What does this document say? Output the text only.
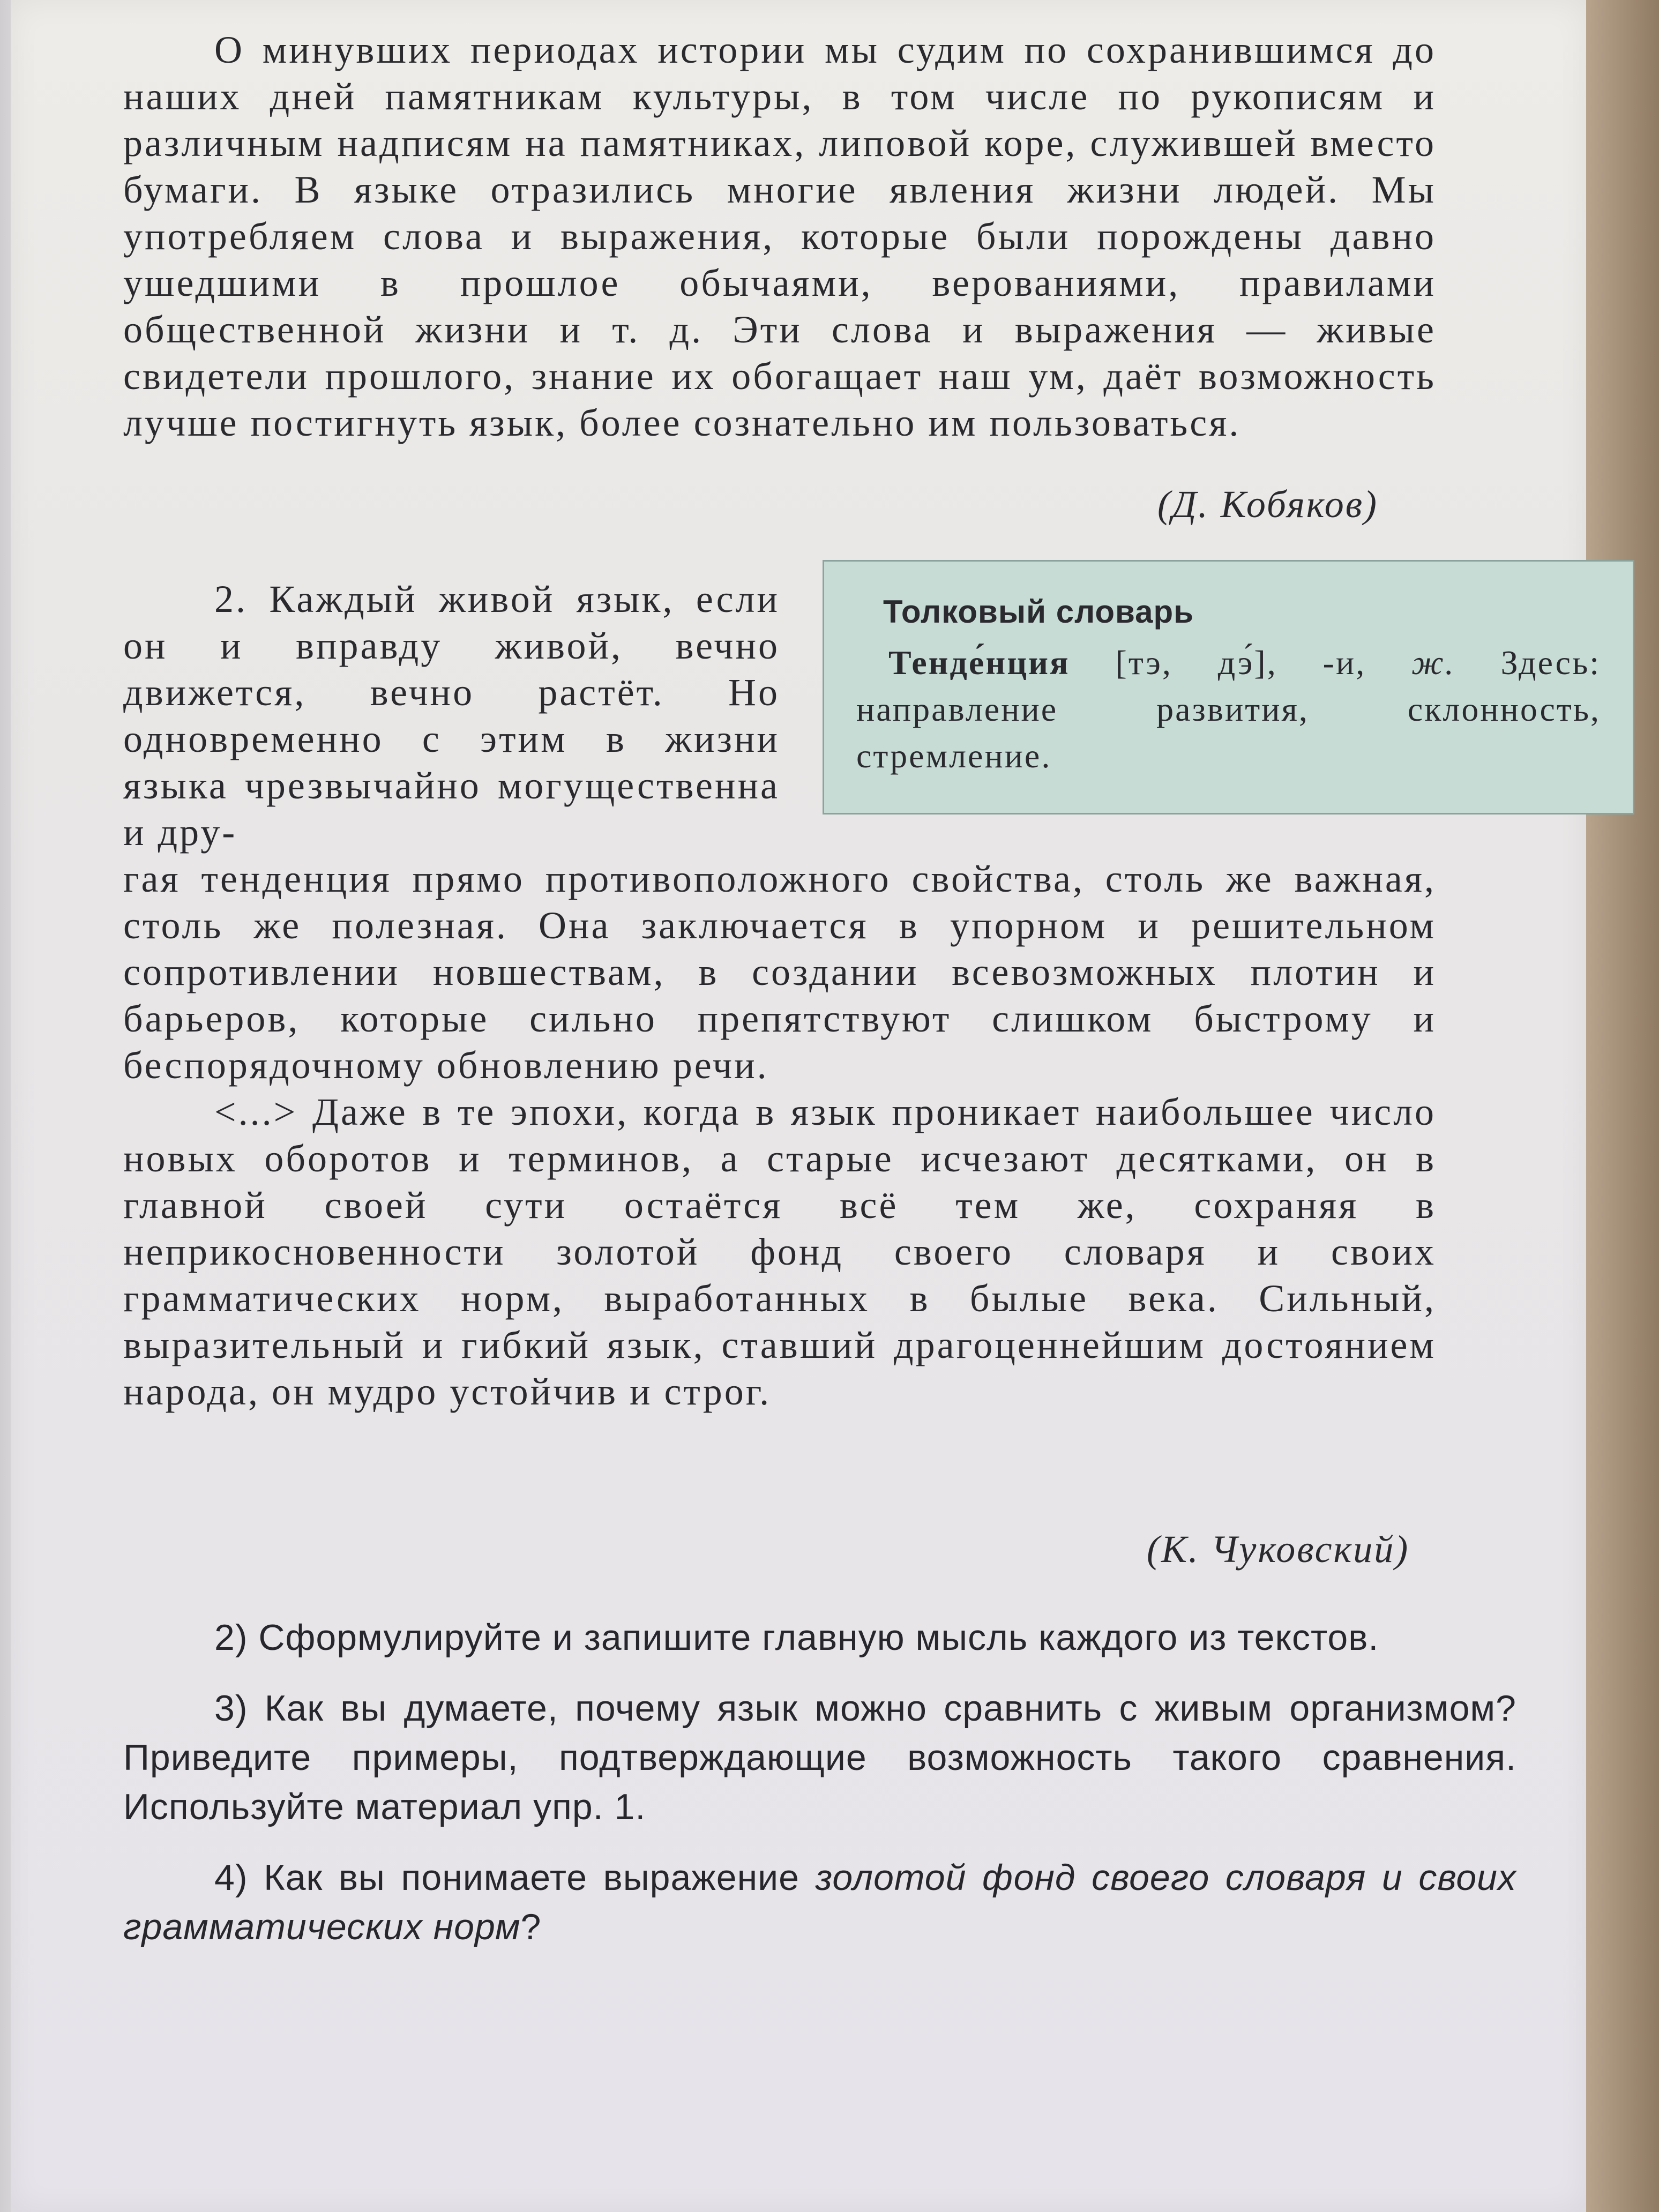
О минувших периодах истории мы судим по сохранившимся до наших дней памятникам культуры, в том числе по рукописям и различным надписям на памятниках, липовой коре, служившей вместо бумаги. В языке отразились многие явления жизни людей. Мы употребляем слова и выражения, которые были порождены давно ушедшими в прошлое обычаями, верованиями, правилами общественной жизни и т. д. Эти слова и выражения — живые свидетели прошлого, знание их обогащает наш ум, даёт возможность лучше постигнуть язык, более сознательно им пользоваться.

(Д. Кобяков)

2. Каждый живой язык, если он и вправду живой, вечно движется, вечно растёт. Но одновременно с этим в жизни языка чрезвычайно могущественна и дру-

Толковый словарь

Тенде́нция [тэ, дэ́], -и, ж. Здесь: направление развития, склонность, стремление.

гая тенденция прямо противоположного свойства, столь же важная, столь же полезная. Она заключается в упорном и решительном сопротивлении новшествам, в создании всевозможных плотин и барьеров, которые сильно препятствуют слишком быстрому и беспорядочному обновлению речи.

<...> Даже в те эпохи, когда в язык проникает наибольшее число новых оборотов и терминов, а старые исчезают десятками, он в главной своей сути остаётся всё тем же, сохраняя в неприкосновенности золотой фонд своего словаря и своих грамматических норм, выработанных в былые века. Сильный, выразительный и гибкий язык, ставший драгоценнейшим достоянием народа, он мудро устойчив и строг.

(К. Чуковский)

2) Сформулируйте и запишите главную мысль каждого из текстов.

3) Как вы думаете, почему язык можно сравнить с живым организмом? Приведите примеры, подтверждающие возможность такого сравнения. Используйте материал упр. 1.

4) Как вы понимаете выражение золотой фонд своего словаря и своих грамматических норм?
